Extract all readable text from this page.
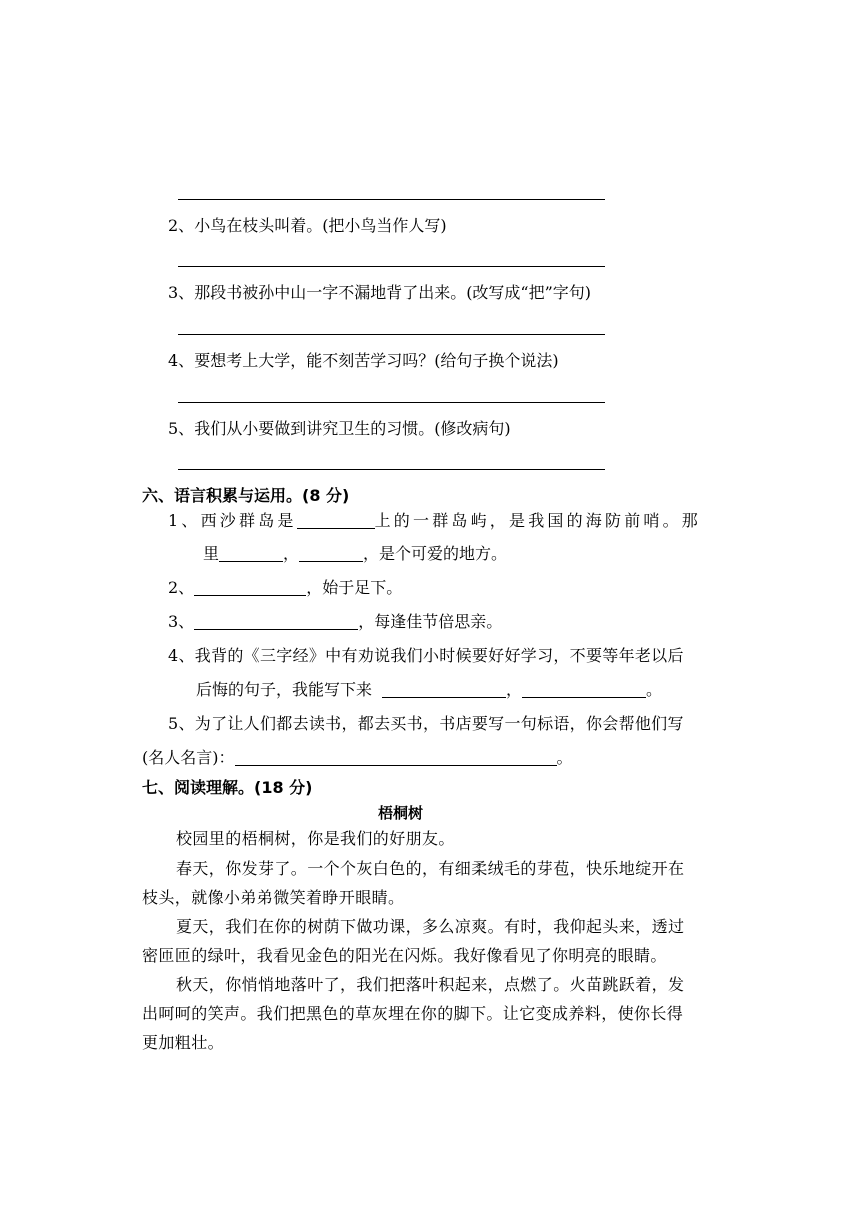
2、小鸟在枝头叫着。(把小鸟当作人写)
3、那段书被孙中山一字不漏地背了出来。(改写成“把”字句)
4、要想考上大学，能不刻苦学习吗？(给句子换个说法)
5、我们从小要做到讲究卫生的习惯。(修改病句)
六、语言积累与运用。(8 分)
1、西沙群岛是	上的一群岛屿，是我国的海防前哨。那
里	，	，是个可爱的地方。
2、	，始于足下。
3、	，每逢佳节倍思亲。
4、我背的《三字经》中有劝说我们小时候要好好学习，不要等年老以后
后悔的句子，我能写下来	，	。
5、为了让人们都去读书，都去买书，书店要写一句标语，你会帮他们写
(名人名言)：	。
七、阅读理解。(18 分)
梧桐树
校园里的梧桐树，你是我们的好朋友。
春天，你发芽了。一个个灰白色的，有细柔绒毛的芽苞，快乐地绽开在
枝头，就像小弟弟微笑着睁开眼睛。
夏天，我们在你的树荫下做功课，多么凉爽。有时，我仰起头来，透过
密匝匝的绿叶，我看见金色的阳光在闪烁。我好像看见了你明亮的眼睛。
秋天，你悄悄地落叶了，我们把落叶积起来，点燃了。火苗跳跃着，发
出呵呵的笑声。我们把黑色的草灰埋在你的脚下。让它变成养料，使你长得
更加粗壮。
